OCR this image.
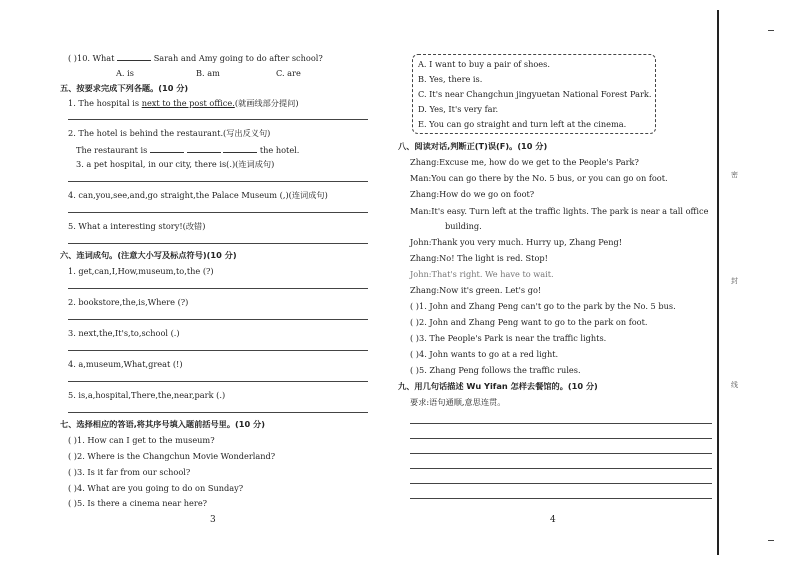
( )10. What	Sarah and Amy going to do after school?
A. is	B. am	C. are
五、按要求完成下列各题。(10 分)
1. The hospital is next to the post office.(就画线部分提问)
2. The hotel is behind the restaurant.(写出反义句)
The restaurant is	the hotel.
3. a pet hospital, in our city, there is(.)(连词成句)
4. can,you,see,and,go straight,the Palace Museum (,)(连词成句)
5. What a interesting story!(改错)
六、连词成句。(注意大小写及标点符号)(10 分)
1. get,can,I,How,museum,to,the (?)
2. bookstore,the,is,Where (?)
3. next,the,It's,to,school (.)
4. a,museum,What,great (!)
5. is,a,hospital,There,the,near,park (.)
七、选择相应的答语,将其序号填入题前括号里。(10 分)
( )1. How can I get to the museum?
( )2. Where is the Changchun Movie Wonderland?
( )3. Is it far from our school?
( )4. What are you going to do on Sunday?
( )5. Is there a cinema near here?
3
A. I want to buy a pair of shoes.
B. Yes, there is.
C. It's near Changchun jingyuetan National Forest Park.
D. Yes, It's very far.
E. You can go straight and turn left at the cinema.
八、阅读对话,判断正(T)误(F)。(10 分)
Zhang:Excuse me, how do we get to the People's Park?
Man:You can go there by the No. 5 bus, or you can go on foot.
Zhang:How do we go on foot?
Man:It's easy. Turn left at the traffic lights. The park is near a tall office
building.
John:Thank you very much. Hurry up, Zhang Peng!
Zhang:No! The light is red. Stop!
John:That's right. We have to wait.
Zhang:Now it's green. Let's go!
( )1. John and Zhang Peng can't go to the park by the No. 5 bus.
( )2. John and Zhang Peng want to go to the park on foot.
( )3. The People's Park is near the traffic lights.
( )4. John wants to go at a red light.
( )5. Zhang Peng follows the traffic rules.
九、用几句话描述 Wu Yifan 怎样去餐馆的。(10 分)
要求:语句通顺,意思连贯。
4
密
封
线
